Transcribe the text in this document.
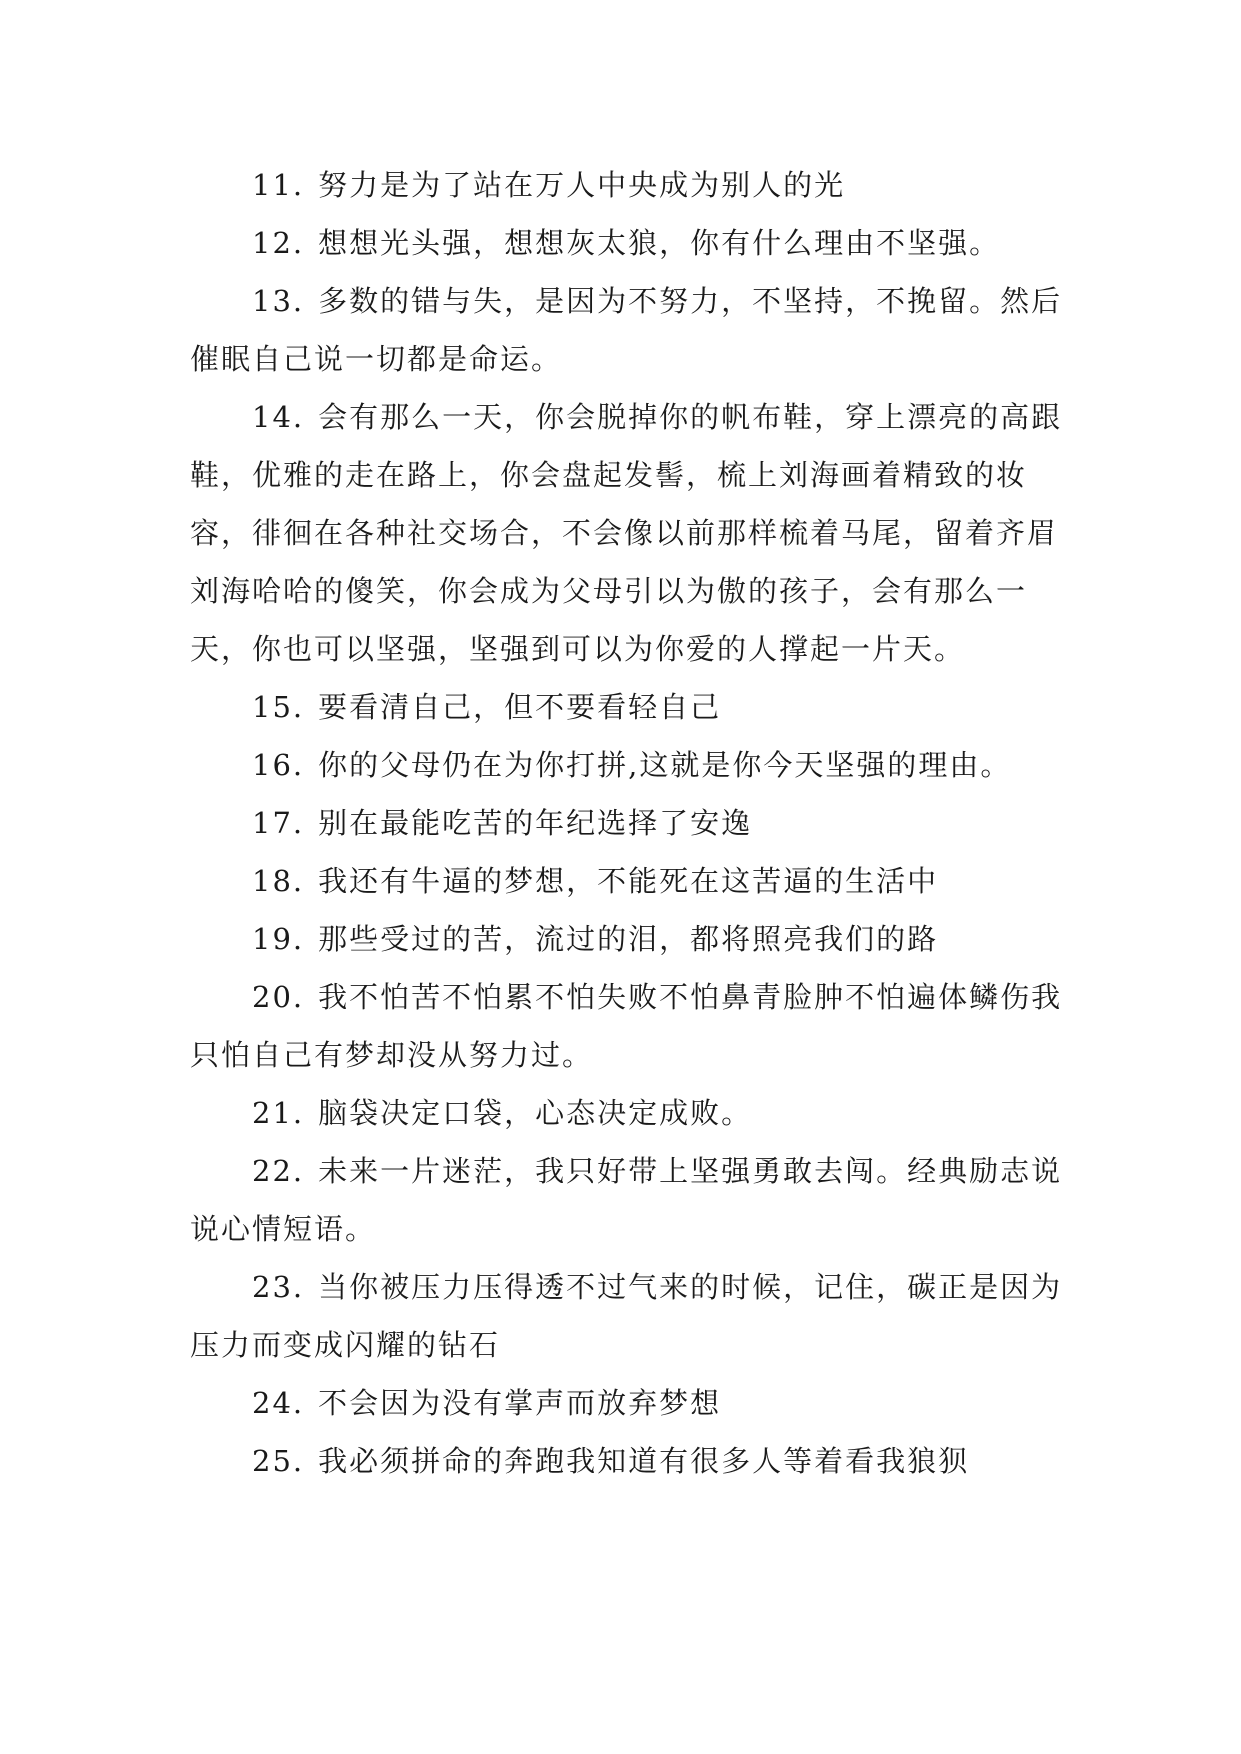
11. 努力是为了站在万人中央成为别人的光

12. 想想光头强，想想灰太狼，你有什么理由不坚强。

13. 多数的错与失，是因为不努力，不坚持，不挽留。然后催眠自己说一切都是命运。

14. 会有那么一天，你会脱掉你的帆布鞋，穿上漂亮的高跟鞋，优雅的走在路上，你会盘起发髻，梳上刘海画着精致的妆容，徘徊在各种社交场合，不会像以前那样梳着马尾，留着齐眉刘海哈哈的傻笑，你会成为父母引以为傲的孩子，会有那么一天，你也可以坚强，坚强到可以为你爱的人撑起一片天。

15. 要看清自己，但不要看轻自己

16. 你的父母仍在为你打拼,这就是你今天坚强的理由。

17. 别在最能吃苦的年纪选择了安逸

18. 我还有牛逼的梦想，不能死在这苦逼的生活中

19. 那些受过的苦，流过的泪，都将照亮我们的路

20. 我不怕苦不怕累不怕失败不怕鼻青脸肿不怕遍体鳞伤我只怕自己有梦却没从努力过。

21. 脑袋决定口袋，心态决定成败。

22. 未来一片迷茫，我只好带上坚强勇敢去闯。经典励志说说心情短语。

23. 当你被压力压得透不过气来的时候，记住，碳正是因为压力而变成闪耀的钻石

24. 不会因为没有掌声而放弃梦想

25. 我必须拼命的奔跑我知道有很多人等着看我狼狈
